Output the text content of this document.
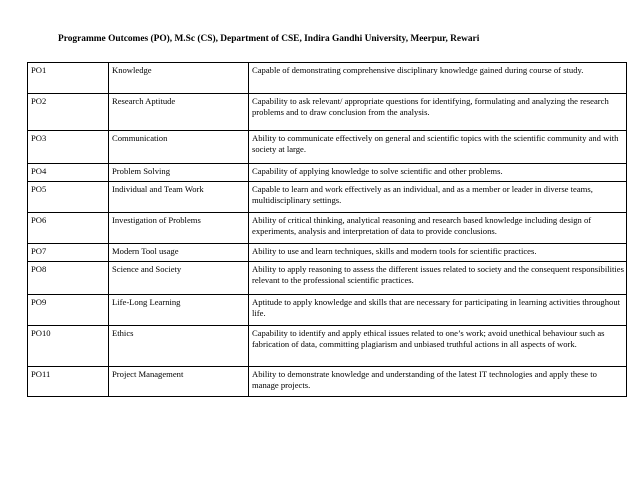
Programme Outcomes (PO), M.Sc (CS), Department of CSE, Indira Gandhi University, Meerpur, Rewari
PO1	Knowledge	Capable of demonstrating comprehensive disciplinary knowledge gained during course of study.
PO2	Research Aptitude	Capability to ask relevant/ appropriate questions for identifying, formulating and analyzing the research problems and to draw conclusion from the analysis.
PO3	Communication	Ability to communicate effectively on general and scientific topics with the scientific community and with society at large.
PO4	Problem Solving	Capability of applying knowledge to solve scientific and other problems.
PO5	Individual and Team Work	Capable to learn and work effectively as an individual, and as a member or leader in diverse teams, multidisciplinary settings.
PO6	Investigation of Problems	Ability of critical thinking, analytical reasoning and research based knowledge including design of experiments, analysis and interpretation of data to provide conclusions.
PO7	Modern Tool usage	Ability to use and learn techniques, skills and modern tools for scientific practices.
PO8	Science and Society	Ability to apply reasoning to assess the different issues related to society and the consequent responsibilities relevant to the professional scientific practices.
PO9	Life-Long Learning	Aptitude to apply knowledge and skills that are necessary for participating in learning activities throughout life.
PO10	Ethics	Capability to identify and apply ethical issues related to one’s work; avoid unethical behaviour such as fabrication of data, committing plagiarism and unbiased truthful actions in all aspects of work.
PO11	Project Management	Ability to demonstrate knowledge and understanding of the latest IT technologies and apply these to manage projects.
